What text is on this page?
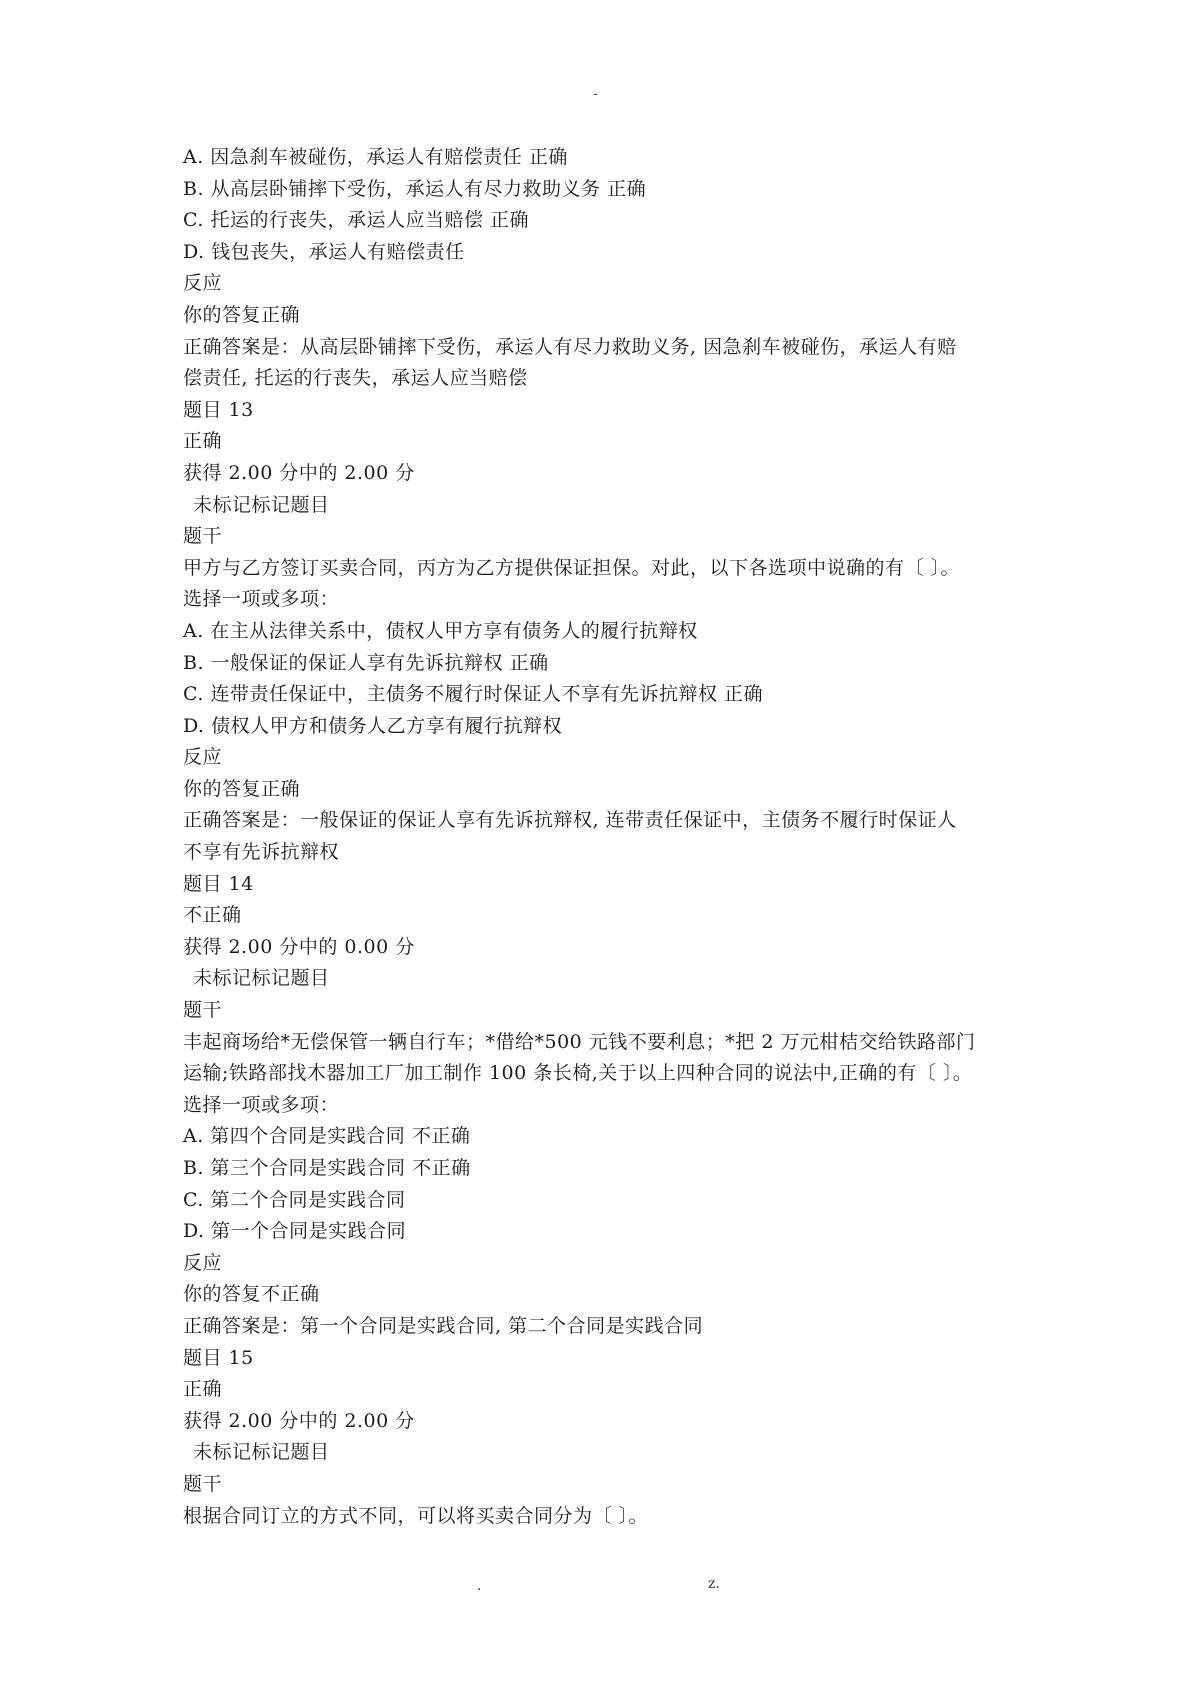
-

A. 因急刹车被碰伤，承运人有赔偿责任 正确

B. 从高层卧铺摔下受伤，承运人有尽力救助义务 正确

C. 托运的行丧失，承运人应当赔偿 正确

D. 钱包丧失，承运人有赔偿责任

反应

你的答复正确

正确答案是：从高层卧铺摔下受伤，承运人有尽力救助义务, 因急刹车被碰伤，承运人有赔

偿责任, 托运的行丧失，承运人应当赔偿

题目 13

正确

获得 2.00 分中的 2.00 分

未标记标记题目

题干

甲方与乙方签订买卖合同，丙方为乙方提供保证担保。对此，以下各选项中说确的有〔 〕。

选择一项或多项：

A. 在主从法律关系中，债权人甲方享有债务人的履行抗辩权

B. 一般保证的保证人享有先诉抗辩权 正确

C. 连带责任保证中，主债务不履行时保证人不享有先诉抗辩权 正确

D. 债权人甲方和债务人乙方享有履行抗辩权

反应

你的答复正确

正确答案是：一般保证的保证人享有先诉抗辩权, 连带责任保证中，主债务不履行时保证人

不享有先诉抗辩权

题目 14

不正确

获得 2.00 分中的 0.00 分

未标记标记题目

题干

丰起商场给*无偿保管一辆自行车；*借给*500 元钱不要利息；*把 2 万元柑桔交给铁路部门

运输;铁路部找木器加工厂加工制作 100 条长椅,关于以上四种合同的说法中,正确的有〔 〕。

选择一项或多项：

A. 第四个合同是实践合同 不正确

B. 第三个合同是实践合同 不正确

C. 第二个合同是实践合同

D. 第一个合同是实践合同

反应

你的答复不正确

正确答案是：第一个合同是实践合同, 第二个合同是实践合同

题目 15

正确

获得 2.00 分中的 2.00 分

未标记标记题目

题干

根据合同订立的方式不同，可以将买卖合同分为〔 〕。

.	z.
